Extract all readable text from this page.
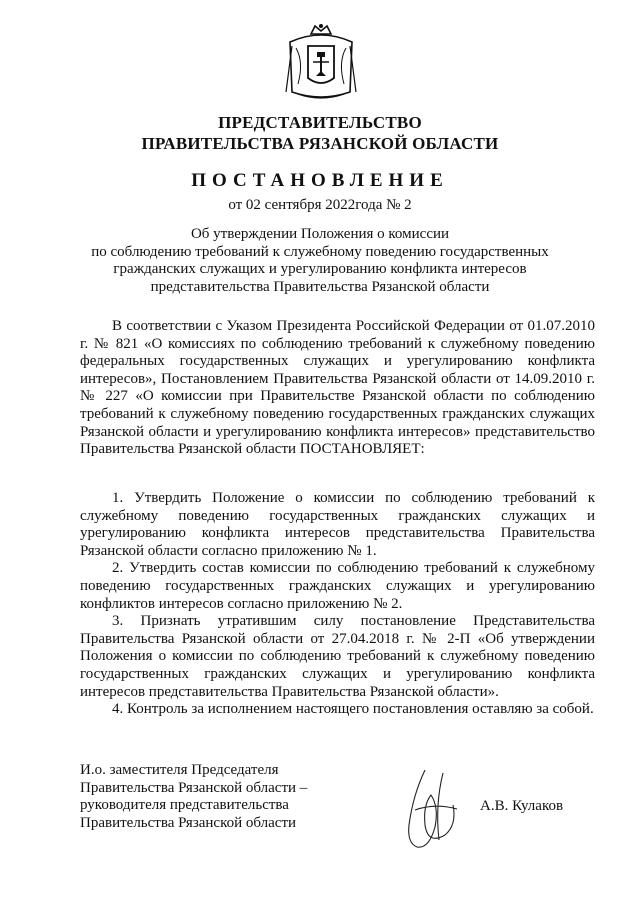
ПРЕДСТАВИТЕЛЬСТВО
ПРАВИТЕЛЬСТВА РЯЗАНСКОЙ ОБЛАСТИ
ПОСТАНОВЛЕНИЕ
от 02 сентября 2022года № 2
Об утверждении Положения о комиссии
по соблюдению требований к служебному поведению государственных
гражданских служащих и урегулированию конфликта интересов
представительства Правительства Рязанской области

В соответствии с Указом Президента Российской Федерации от 01.07.2010 г. № 821 «О комиссиях по соблюдению требований к служебному поведению федеральных государственных служащих и урегулированию конфликта интересов», Постановлением Правительства Рязанской области от 14.09.2010 г. № 227 «О комиссии при Правительстве Рязанской области по соблюдению требований к служебному поведению государственных гражданских служащих Рязанской области и урегулированию конфликта интересов» представительство Правительства Рязанской области ПОСТАНОВЛЯЕТ:

1. Утвердить Положение о комиссии по соблюдению требований к служебному поведению государственных гражданских служащих и урегулированию конфликта интересов представительства Правительства Рязанской области согласно приложению № 1.

2. Утвердить состав комиссии по соблюдению требований к служебному поведению государственных гражданских служащих и урегулированию конфликтов интересов согласно приложению № 2.

3. Признать утратившим силу постановление Представительства Правительства Рязанской области от 27.04.2018 г. № 2-П «Об утверждении Положения о комиссии по соблюдению требований к служебному поведению государственных гражданских служащих и урегулированию конфликта интересов представительства Правительства Рязанской области».

4. Контроль за исполнением настоящего постановления оставляю за собой.

И.о. заместителя Председателя
Правительства Рязанской области –
руководителя представительства
Правительства Рязанской области
А.В. Кулаков
